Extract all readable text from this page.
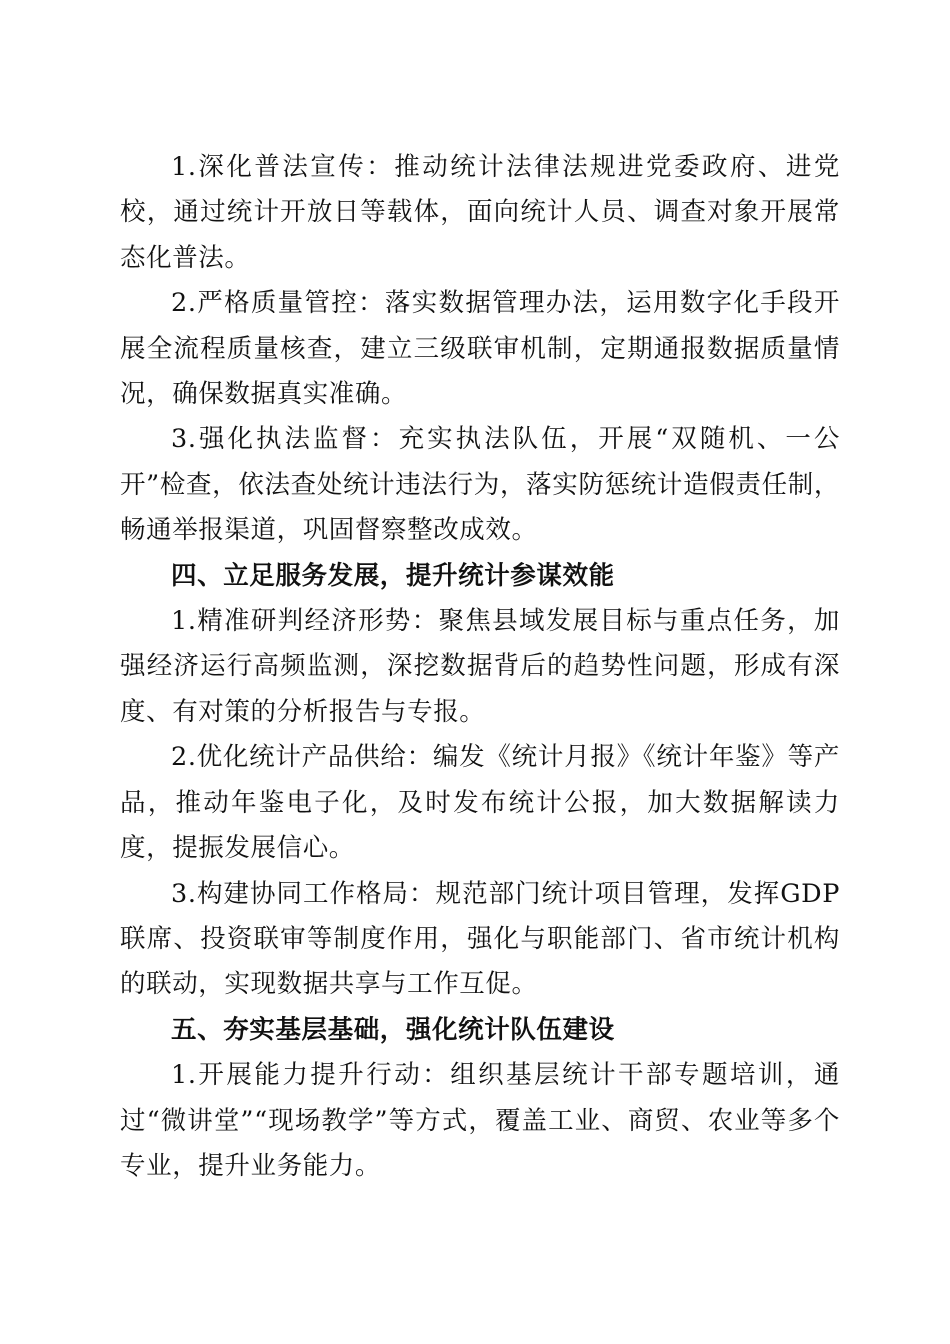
1.深化普法宣传：推动统计法律法规进党委政府、进党校，通过统计开放日等载体，面向统计人员、调查对象开展常态化普法。

2.严格质量管控：落实数据管理办法，运用数字化手段开展全流程质量核查，建立三级联审机制，定期通报数据质量情况，确保数据真实准确。

3.强化执法监督：充实执法队伍，开展“双随机、一公开”检查，依法查处统计违法行为，落实防惩统计造假责任制，畅通举报渠道，巩固督察整改成效。

四、立足服务发展，提升统计参谋效能

1.精准研判经济形势：聚焦县域发展目标与重点任务，加强经济运行高频监测，深挖数据背后的趋势性问题，形成有深度、有对策的分析报告与专报。

2.优化统计产品供给：编发《统计月报》《统计年鉴》等产品，推动年鉴电子化，及时发布统计公报，加大数据解读力度，提振发展信心。

3.构建协同工作格局：规范部门统计项目管理，发挥GDP联席、投资联审等制度作用，强化与职能部门、省市统计机构的联动，实现数据共享与工作互促。

五、夯实基层基础，强化统计队伍建设

1.开展能力提升行动：组织基层统计干部专题培训，通过“微讲堂”“现场教学”等方式，覆盖工业、商贸、农业等多个专业，提升业务能力。
